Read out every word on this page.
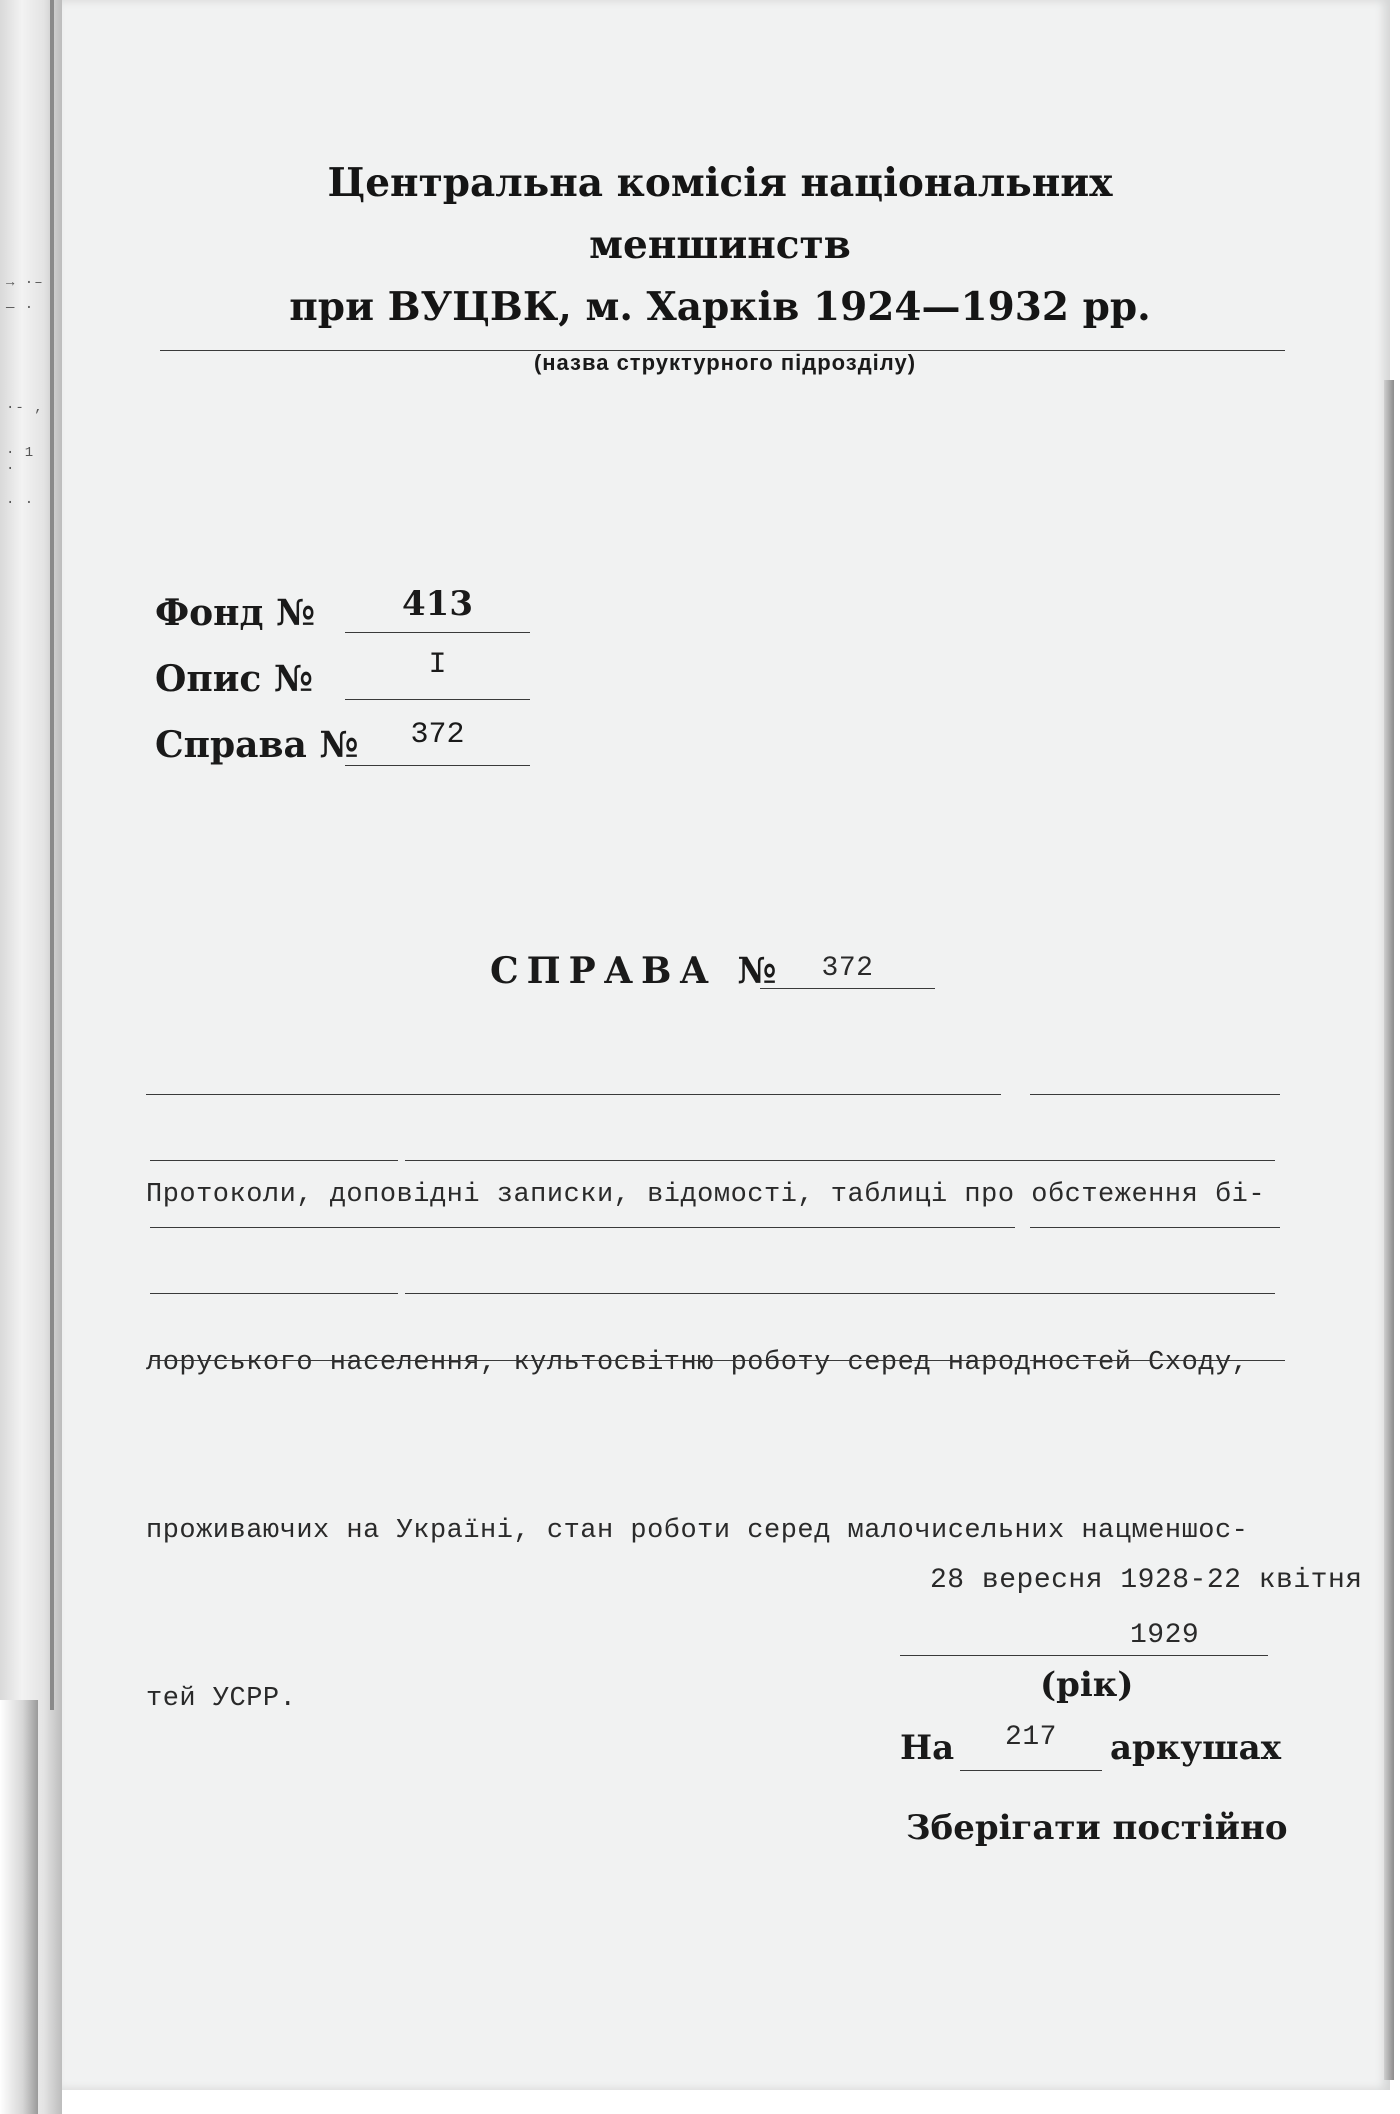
→ ·–
— ·
·- ,
· 1 ·
· ·
Центральна комісія національних меншинств
при ВУЦВК, м. Харків 1924—1932 рр.
(назва структурного підрозділу)
Фонд №	413
Опис №	I
Справа №	372
СПРАВА №	372

Протоколи, доповідні записки, відомості, таблиці про обстеження бі-

лоруського населення, культосвітню роботу серед народностей Сходу,

проживаючих на Україні, стан роботи серед малочисельних нацменшос-

тей УСРР.

28 вересня 1928-22 квітня
1929
(рік)
На	217	аркушах
Зберігати постійно
